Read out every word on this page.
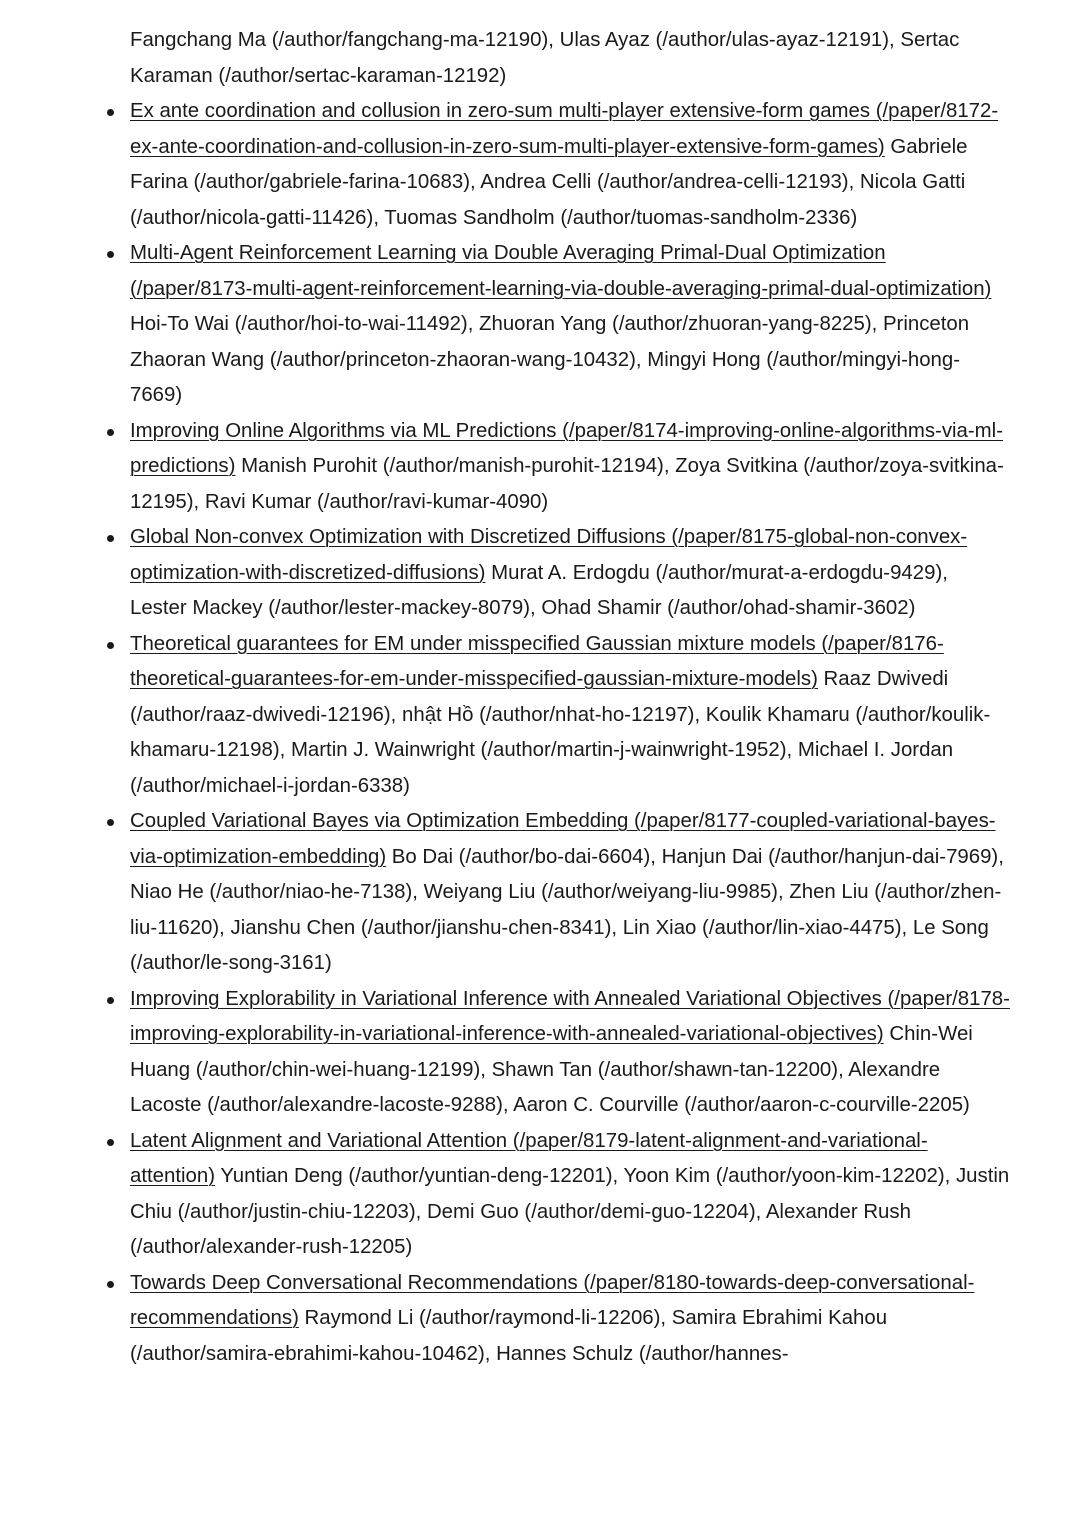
Fangchang Ma (/author/fangchang-ma-12190), Ulas Ayaz (/author/ulas-ayaz-12191), Sertac Karaman (/author/sertac-karaman-12192)

Ex ante coordination and collusion in zero-sum multi-player extensive-form games (/paper/8172-ex-ante-coordination-and-collusion-in-zero-sum-multi-player-extensive-form-games) Gabriele Farina (/author/gabriele-farina-10683), Andrea Celli (/author/andrea-celli-12193), Nicola Gatti (/author/nicola-gatti-11426), Tuomas Sandholm (/author/tuomas-sandholm-2336)
Multi-Agent Reinforcement Learning via Double Averaging Primal-Dual Optimization (/paper/8173-multi-agent-reinforcement-learning-via-double-averaging-primal-dual-optimization) Hoi-To Wai (/author/hoi-to-wai-11492), Zhuoran Yang (/author/zhuoran-yang-8225), Princeton Zhaoran Wang (/author/princeton-zhaoran-wang-10432), Mingyi Hong (/author/mingyi-hong-7669)
Improving Online Algorithms via ML Predictions (/paper/8174-improving-online-algorithms-via-ml-predictions) Manish Purohit (/author/manish-purohit-12194), Zoya Svitkina (/author/zoya-svitkina-12195), Ravi Kumar (/author/ravi-kumar-4090)
Global Non-convex Optimization with Discretized Diffusions (/paper/8175-global-non-convex-optimization-with-discretized-diffusions) Murat A. Erdogdu (/author/murat-a-erdogdu-9429), Lester Mackey (/author/lester-mackey-8079), Ohad Shamir (/author/ohad-shamir-3602)
Theoretical guarantees for EM under misspecified Gaussian mixture models (/paper/8176-theoretical-guarantees-for-em-under-misspecified-gaussian-mixture-models) Raaz Dwivedi (/author/raaz-dwivedi-12196), nhật Hồ (/author/nhat-ho-12197), Koulik Khamaru (/author/koulik-khamaru-12198), Martin J. Wainwright (/author/martin-j-wainwright-1952), Michael I. Jordan (/author/michael-i-jordan-6338)
Coupled Variational Bayes via Optimization Embedding (/paper/8177-coupled-variational-bayes-via-optimization-embedding) Bo Dai (/author/bo-dai-6604), Hanjun Dai (/author/hanjun-dai-7969), Niao He (/author/niao-he-7138), Weiyang Liu (/author/weiyang-liu-9985), Zhen Liu (/author/zhen-liu-11620), Jianshu Chen (/author/jianshu-chen-8341), Lin Xiao (/author/lin-xiao-4475), Le Song (/author/le-song-3161)
Improving Explorability in Variational Inference with Annealed Variational Objectives (/paper/8178-improving-explorability-in-variational-inference-with-annealed-variational-objectives) Chin-Wei Huang (/author/chin-wei-huang-12199), Shawn Tan (/author/shawn-tan-12200), Alexandre Lacoste (/author/alexandre-lacoste-9288), Aaron C. Courville (/author/aaron-c-courville-2205)
Latent Alignment and Variational Attention (/paper/8179-latent-alignment-and-variational-attention) Yuntian Deng (/author/yuntian-deng-12201), Yoon Kim (/author/yoon-kim-12202), Justin Chiu (/author/justin-chiu-12203), Demi Guo (/author/demi-guo-12204), Alexander Rush (/author/alexander-rush-12205)
Towards Deep Conversational Recommendations (/paper/8180-towards-deep-conversational-recommendations) Raymond Li (/author/raymond-li-12206), Samira Ebrahimi Kahou (/author/samira-ebrahimi-kahou-10462), Hannes Schulz (/author/hannes-
